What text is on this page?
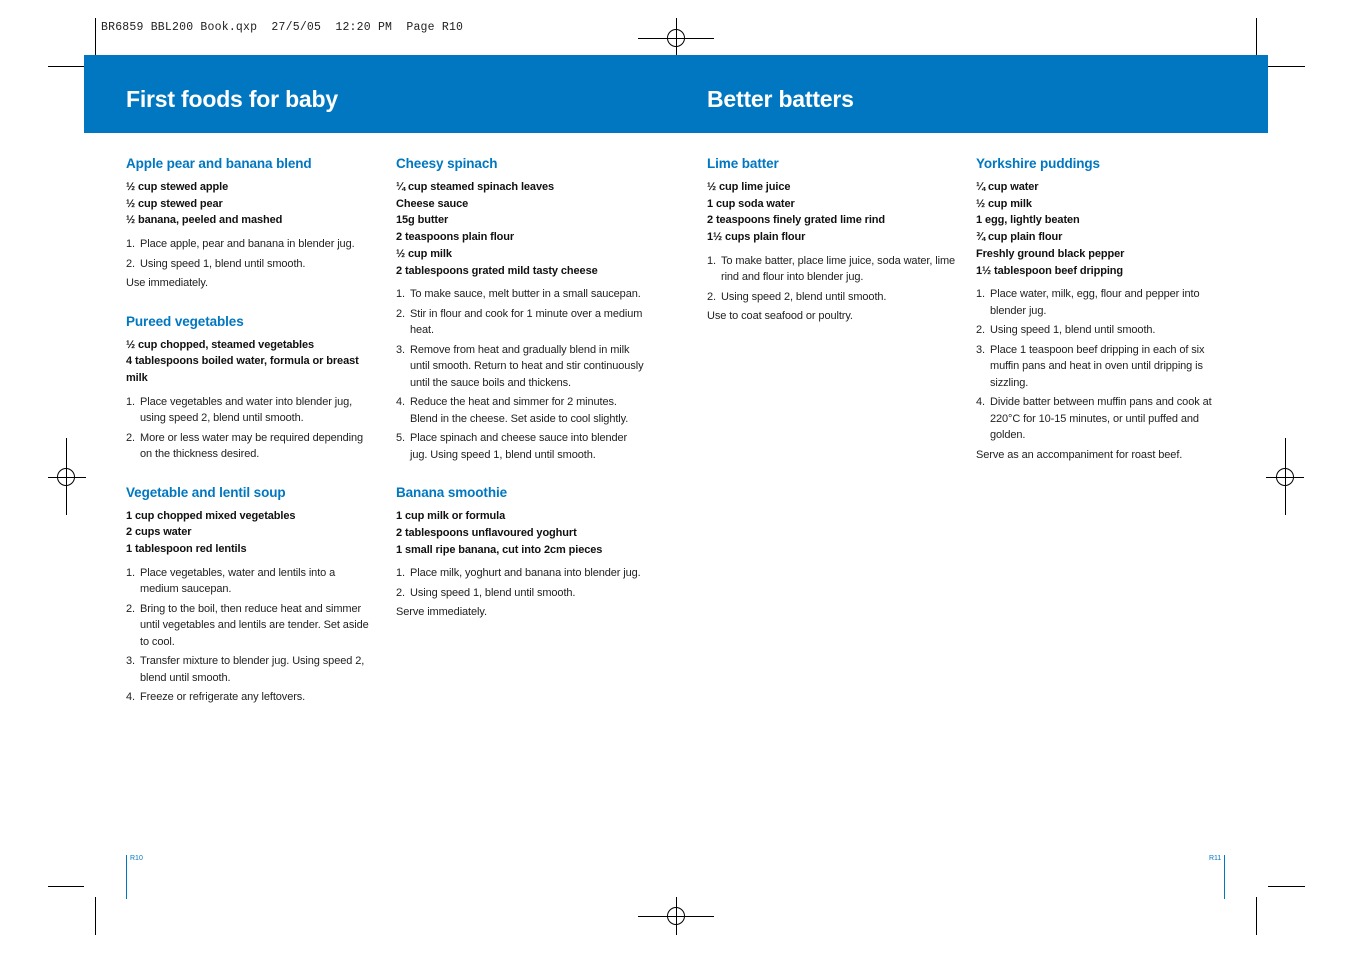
BR6859 BBL200 Book.qxp  27/5/05  12:20 PM  Page R10
First foods for baby	Better batters
Apple pear and banana blend
½ cup stewed apple
½ cup stewed pear
½ banana, peeled and mashed
1. Place apple, pear and banana in blender jug.
2. Using speed 1, blend until smooth.
Use immediately.
Pureed vegetables
½ cup chopped, steamed vegetables
4 tablespoons boiled water, formula or breast milk
1. Place vegetables and water into blender jug, using speed 2, blend until smooth.
2. More or less water may be required depending on the thickness desired.
Vegetable and lentil soup
1 cup chopped mixed vegetables
2 cups water
1 tablespoon red lentils
1. Place vegetables, water and lentils into a medium saucepan.
2. Bring to the boil, then reduce heat and simmer until vegetables and lentils are tender. Set aside to cool.
3. Transfer mixture to blender jug. Using speed 2, blend until smooth.
4. Freeze or refrigerate any leftovers.
Cheesy spinach
¼ cup steamed spinach leaves
Cheese sauce
15g butter
2 teaspoons plain flour
½ cup milk
2 tablespoons grated mild tasty cheese
1. To make sauce, melt butter in a small saucepan.
2. Stir in flour and cook for 1 minute over a medium heat.
3. Remove from heat and gradually blend in milk until smooth. Return to heat and stir continuously until the sauce boils and thickens.
4. Reduce the heat and simmer for 2 minutes. Blend in the cheese. Set aside to cool slightly.
5. Place spinach and cheese sauce into blender jug. Using speed 1, blend until smooth.
Banana smoothie
1 cup milk or formula
2 tablespoons unflavoured yoghurt
1 small ripe banana, cut into 2cm pieces
1. Place milk, yoghurt and banana into blender jug.
2. Using speed 1, blend until smooth.
Serve immediately.
Lime batter
½ cup lime juice
1 cup soda water
2 teaspoons finely grated lime rind
1½ cups plain flour
1. To make batter, place lime juice, soda water, lime rind and flour into blender jug.
2. Using speed 2, blend until smooth.
Use to coat seafood or poultry.
Yorkshire puddings
¼ cup water
½ cup milk
1 egg, lightly beaten
¾ cup plain flour
Freshly ground black pepper
1½ tablespoon beef dripping
1. Place water, milk, egg, flour and pepper into blender jug.
2. Using speed 1, blend until smooth.
3. Place 1 teaspoon beef dripping in each of six muffin pans and heat in oven until dripping is sizzling.
4. Divide batter between muffin pans and cook at 220°C for 10-15 minutes, or until puffed and golden.
Serve as an accompaniment for roast beef.
R10	R11
